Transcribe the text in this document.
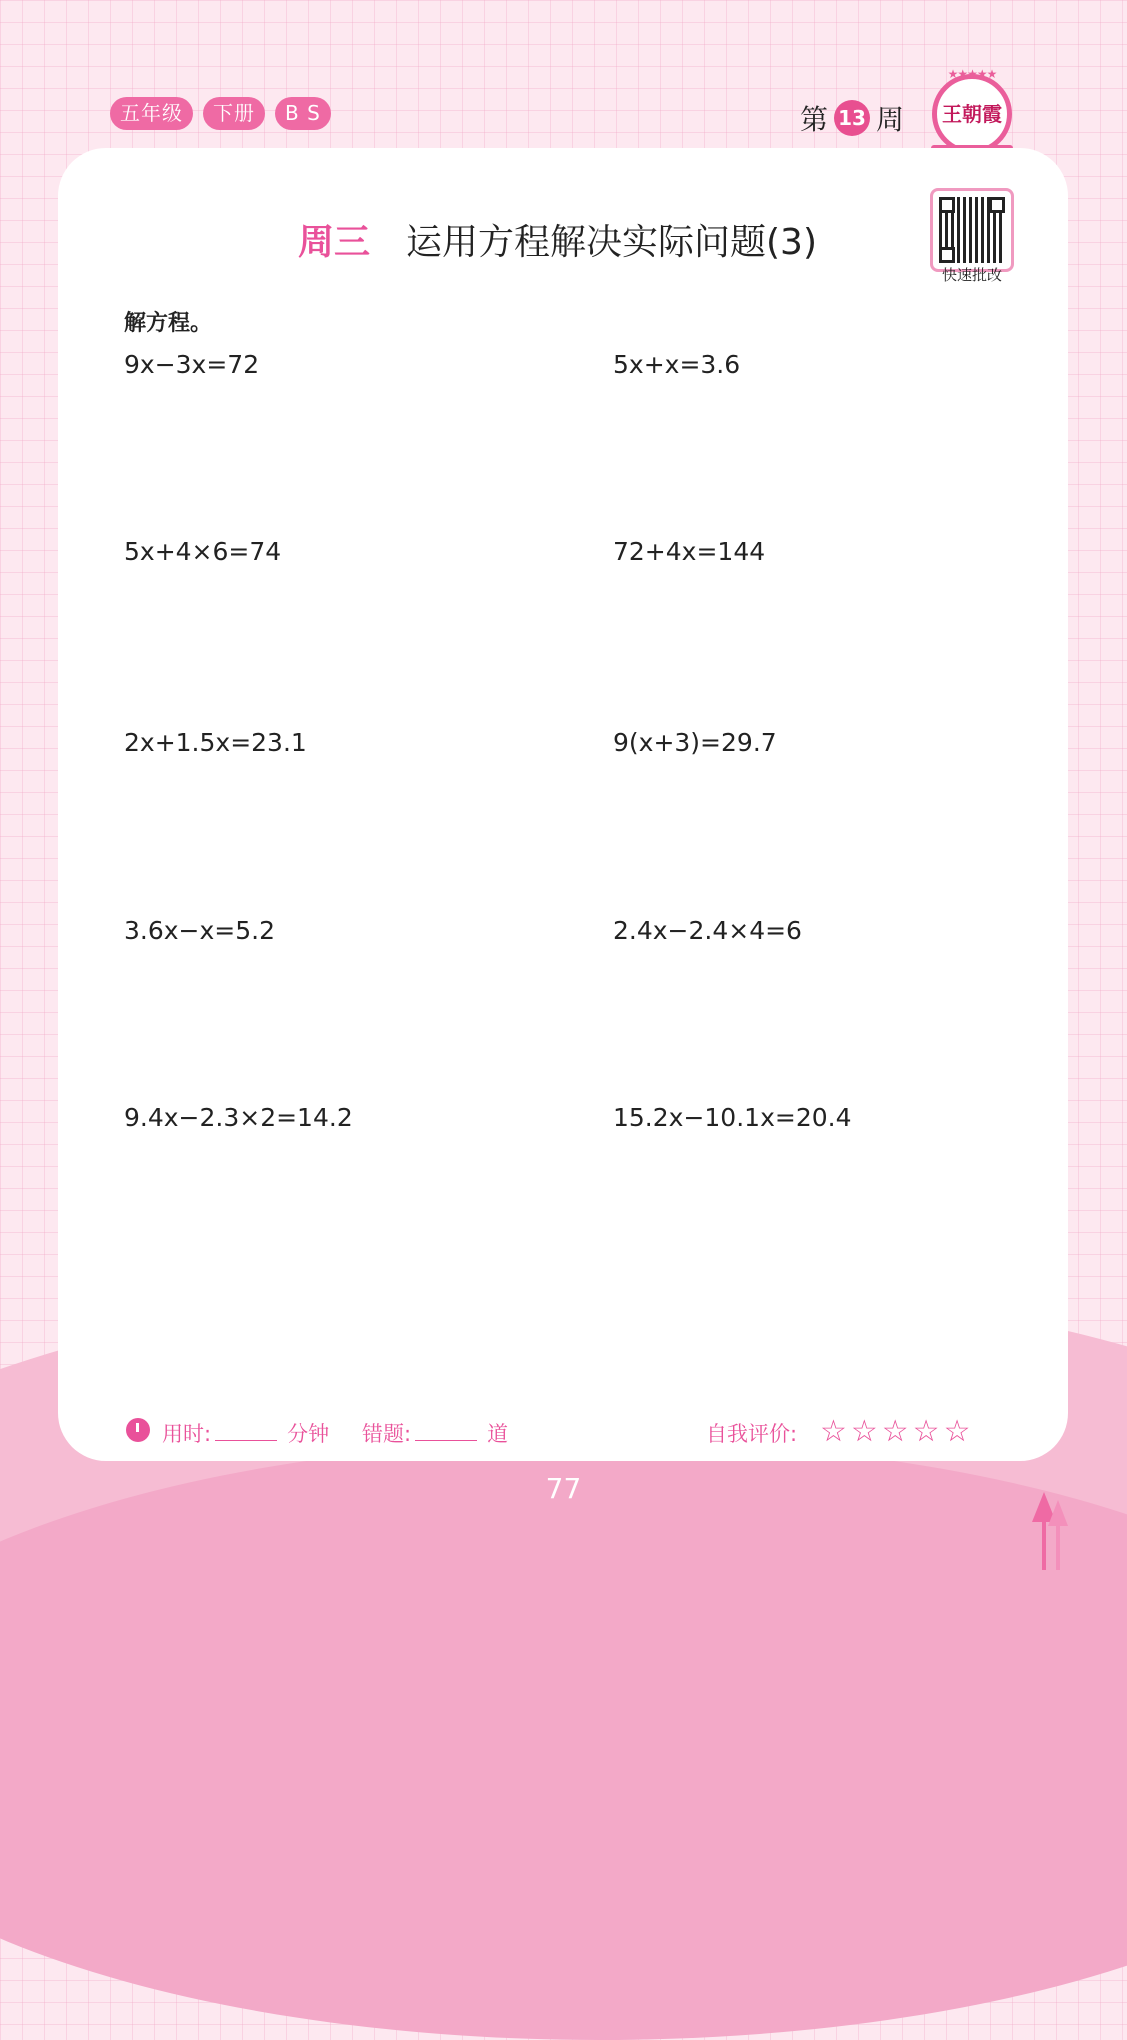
五年级	下册	B S	第 13 周
★★★★★
王朝霞
周三 运用方程解决实际问题(3)
快速批改
解方程。
9x−3x=72	5x+x=3.6
5x+4×6=74	72+4x=144
2x+1.5x=23.1	9(x+3)=29.7
3.6x−x=5.2	2.4x−2.4×4=6
9.4x−2.3×2=14.2	15.2x−10.1x=20.4
用时:	分钟 错题:	道	自我评价: ☆☆☆☆☆
77
